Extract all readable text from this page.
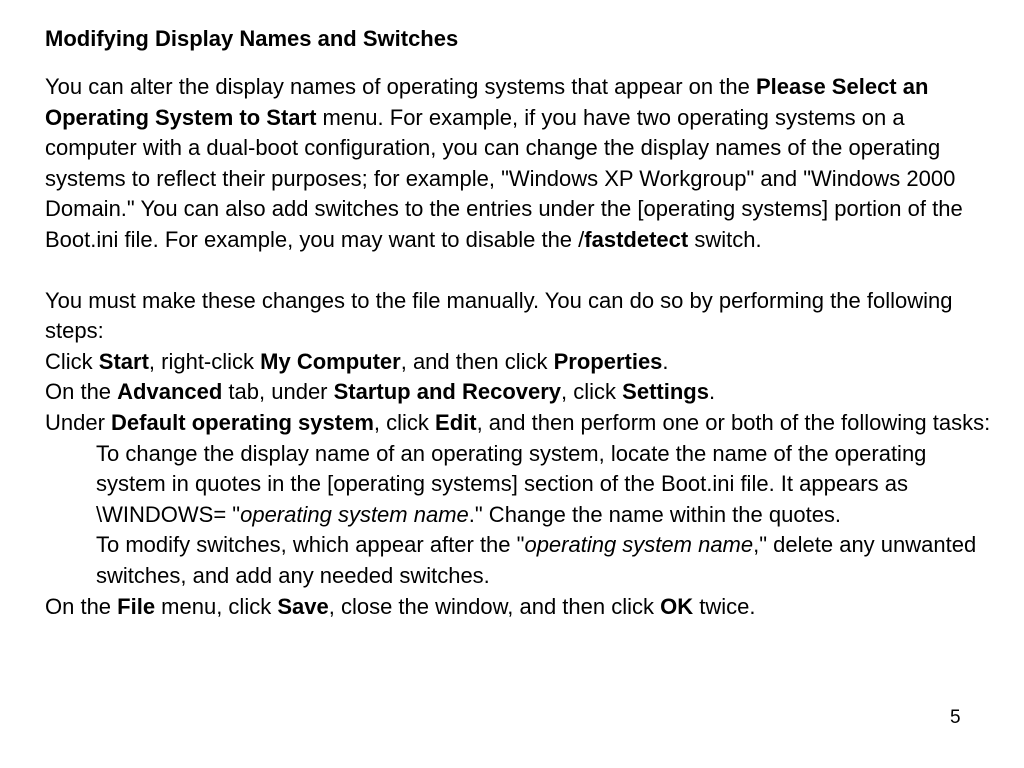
Modifying Display Names and Switches
You can alter the display names of operating systems that appear on the Please Select an Operating System to Start menu. For example, if you have two operating systems on a computer with a dual-boot configuration, you can change the display names of the operating systems to reflect their purposes; for example, "Windows XP Workgroup" and "Windows 2000 Domain." You can also add switches to the entries under the [operating systems] portion of the Boot.ini file. For example, you may want to disable the /fastdetect switch.
You must make these changes to the file manually. You can do so by performing the following steps:
Click Start, right-click My Computer, and then click Properties.
On the Advanced tab, under Startup and Recovery, click Settings.
Under Default operating system, click Edit, and then perform one or both of the following tasks:
To change the display name of an operating system, locate the name of the operating system in quotes in the [operating systems] section of the Boot.ini file. It appears as \WINDOWS= "operating system name." Change the name within the quotes.
To modify switches, which appear after the "operating system name," delete any unwanted switches, and add any needed switches.
On the File menu, click Save, close the window, and then click OK twice.
5
